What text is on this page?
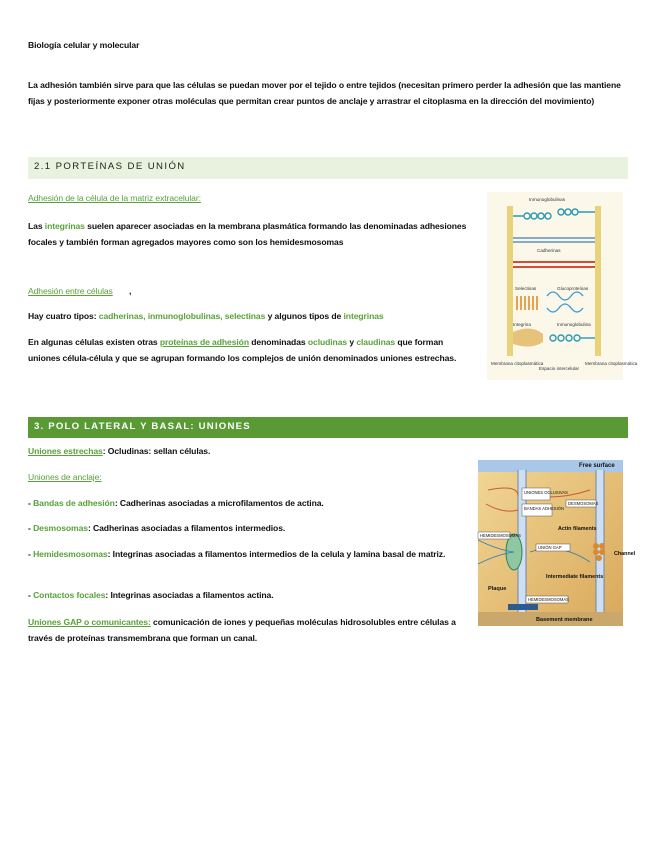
Biología celular y molecular
La adhesión también sirve para que las células se puedan mover por el tejido o entre tejidos (necesitan primero perder la adhesión que las mantiene fijas y posteriormente exponer otras moléculas que permitan crear puntos de anclaje y arrastrar el citoplasma en la dirección del movimiento)
2.1 PORTEÍNAS DE UNIÓN
Adhesión de la célula de la matriz extracelular:
Las integrinas suelen aparecer asociadas en la membrana plasmática formando las denominadas adhesiones focales y también forman agregados mayores como son los hemidesmosomas
Adhesión entre células ,
Hay cuatro tipos: cadherinas, inmunoglobulinas, selectinas y algunos tipos de integrinas
En algunas células existen otras proteínas de adhesión denominadas ocludinas y claudinas que forman uniones célula-célula y que se agrupan formando los complejos de unión denominados uniones estrechas.
Inmunoglobulinas
Cadherinas
Selectinas	Glucoproteínas
Integrina	Inmunoglobulina
Membrana citoplasmática
Espacio intercelular
Membrana citoplasmática
3. POLO LATERAL Y BASAL: UNIONES
Uniones estrechas: Ocludinas: sellan células.
Uniones de anclaje:
- Bandas de adhesión: Cadherinas asociadas a microfilamentos de actina.
- Desmosomas: Cadherinas asociadas a filamentos intermedios.
- Hemidesmosomas: Integrinas asociadas a filamentos intermedios de la celula y lamina basal de matriz.
- Contactos focales: Integrinas asociadas a filamentos actina.
Uniones GAP o comunicantes: comunicación de iones y pequeñas moléculas hidrosolubles entre células a través de proteínas transmembrana que forman un canal.
Free surface
UNIONES OCLUSIVAS
BANDAS ADHESIÓN
DESMOSOMAS
Actin filaments
UNIÓN GAP
Channel
Intermediate filaments
Plaque
HEMIDESMOSOMAS
Basement membrane
HEMIDESMOSOMAS
